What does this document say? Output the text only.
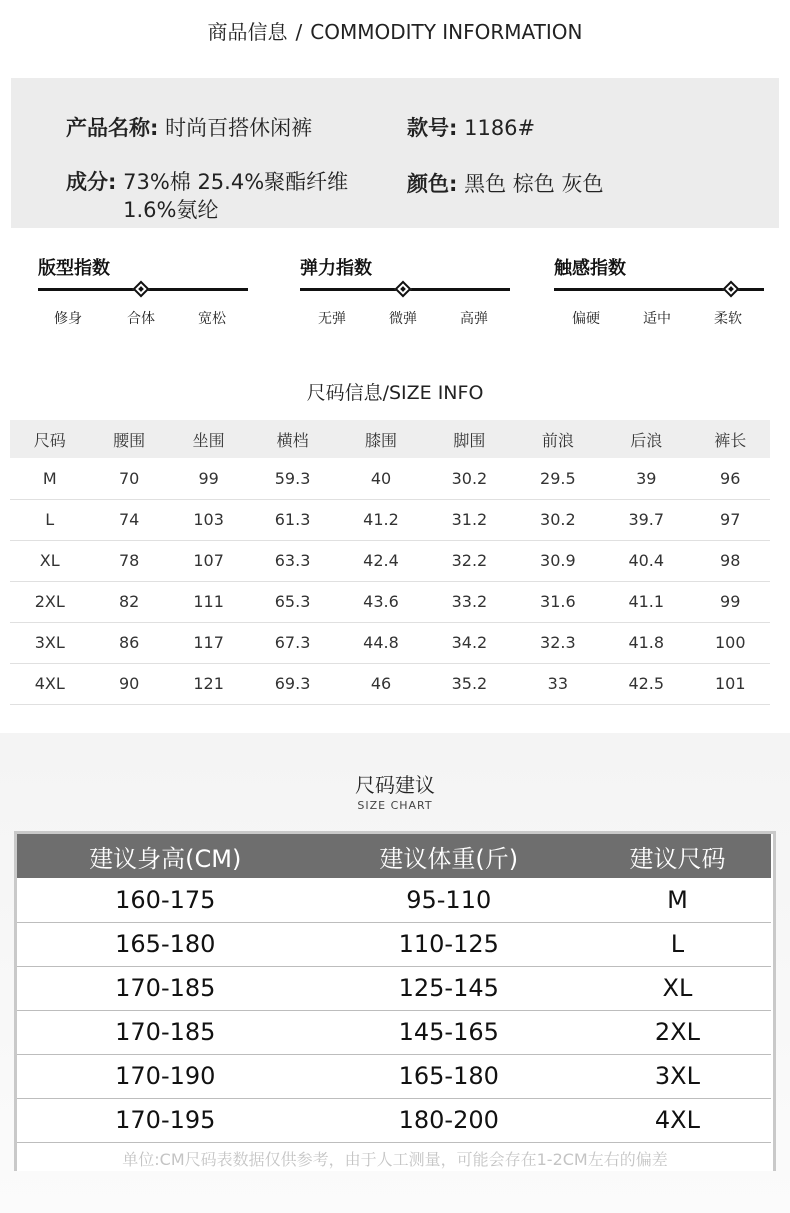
商品信息 / COMMODITY INFORMATION
产品名称: 时尚百搭休闲裤	款号: 1186#
成分: 73%棉 25.4%聚酯纤维
1.6%氨纶
颜色: 黑色 棕色 灰色
版型指数
修身	合体	宽松
弹力指数
无弹	微弹	高弹
触感指数
偏硬	适中	柔软
尺码信息/SIZE INFO
尺码	腰围	坐围	横档	膝围	脚围	前浪	后浪	裤长
M	70	99	59.3	40	30.2	29.5	39	96
L	74	103	61.3	41.2	31.2	30.2	39.7	97
XL	78	107	63.3	42.4	32.2	30.9	40.4	98
2XL	82	111	65.3	43.6	33.2	31.6	41.1	99
3XL	86	117	67.3	44.8	34.2	32.3	41.8	100
4XL	90	121	69.3	46	35.2	33	42.5	101
尺码建议
SIZE CHART
建议身高(CM)	建议体重(斤)	建议尺码
160-175	95-110	M
165-180	110-125	L
170-185	125-145	XL
170-185	145-165	2XL
170-190	165-180	3XL
170-195	180-200	4XL
单位:CM尺码表数据仅供参考，由于人工测量，可能会存在1-2CM左右的偏差
